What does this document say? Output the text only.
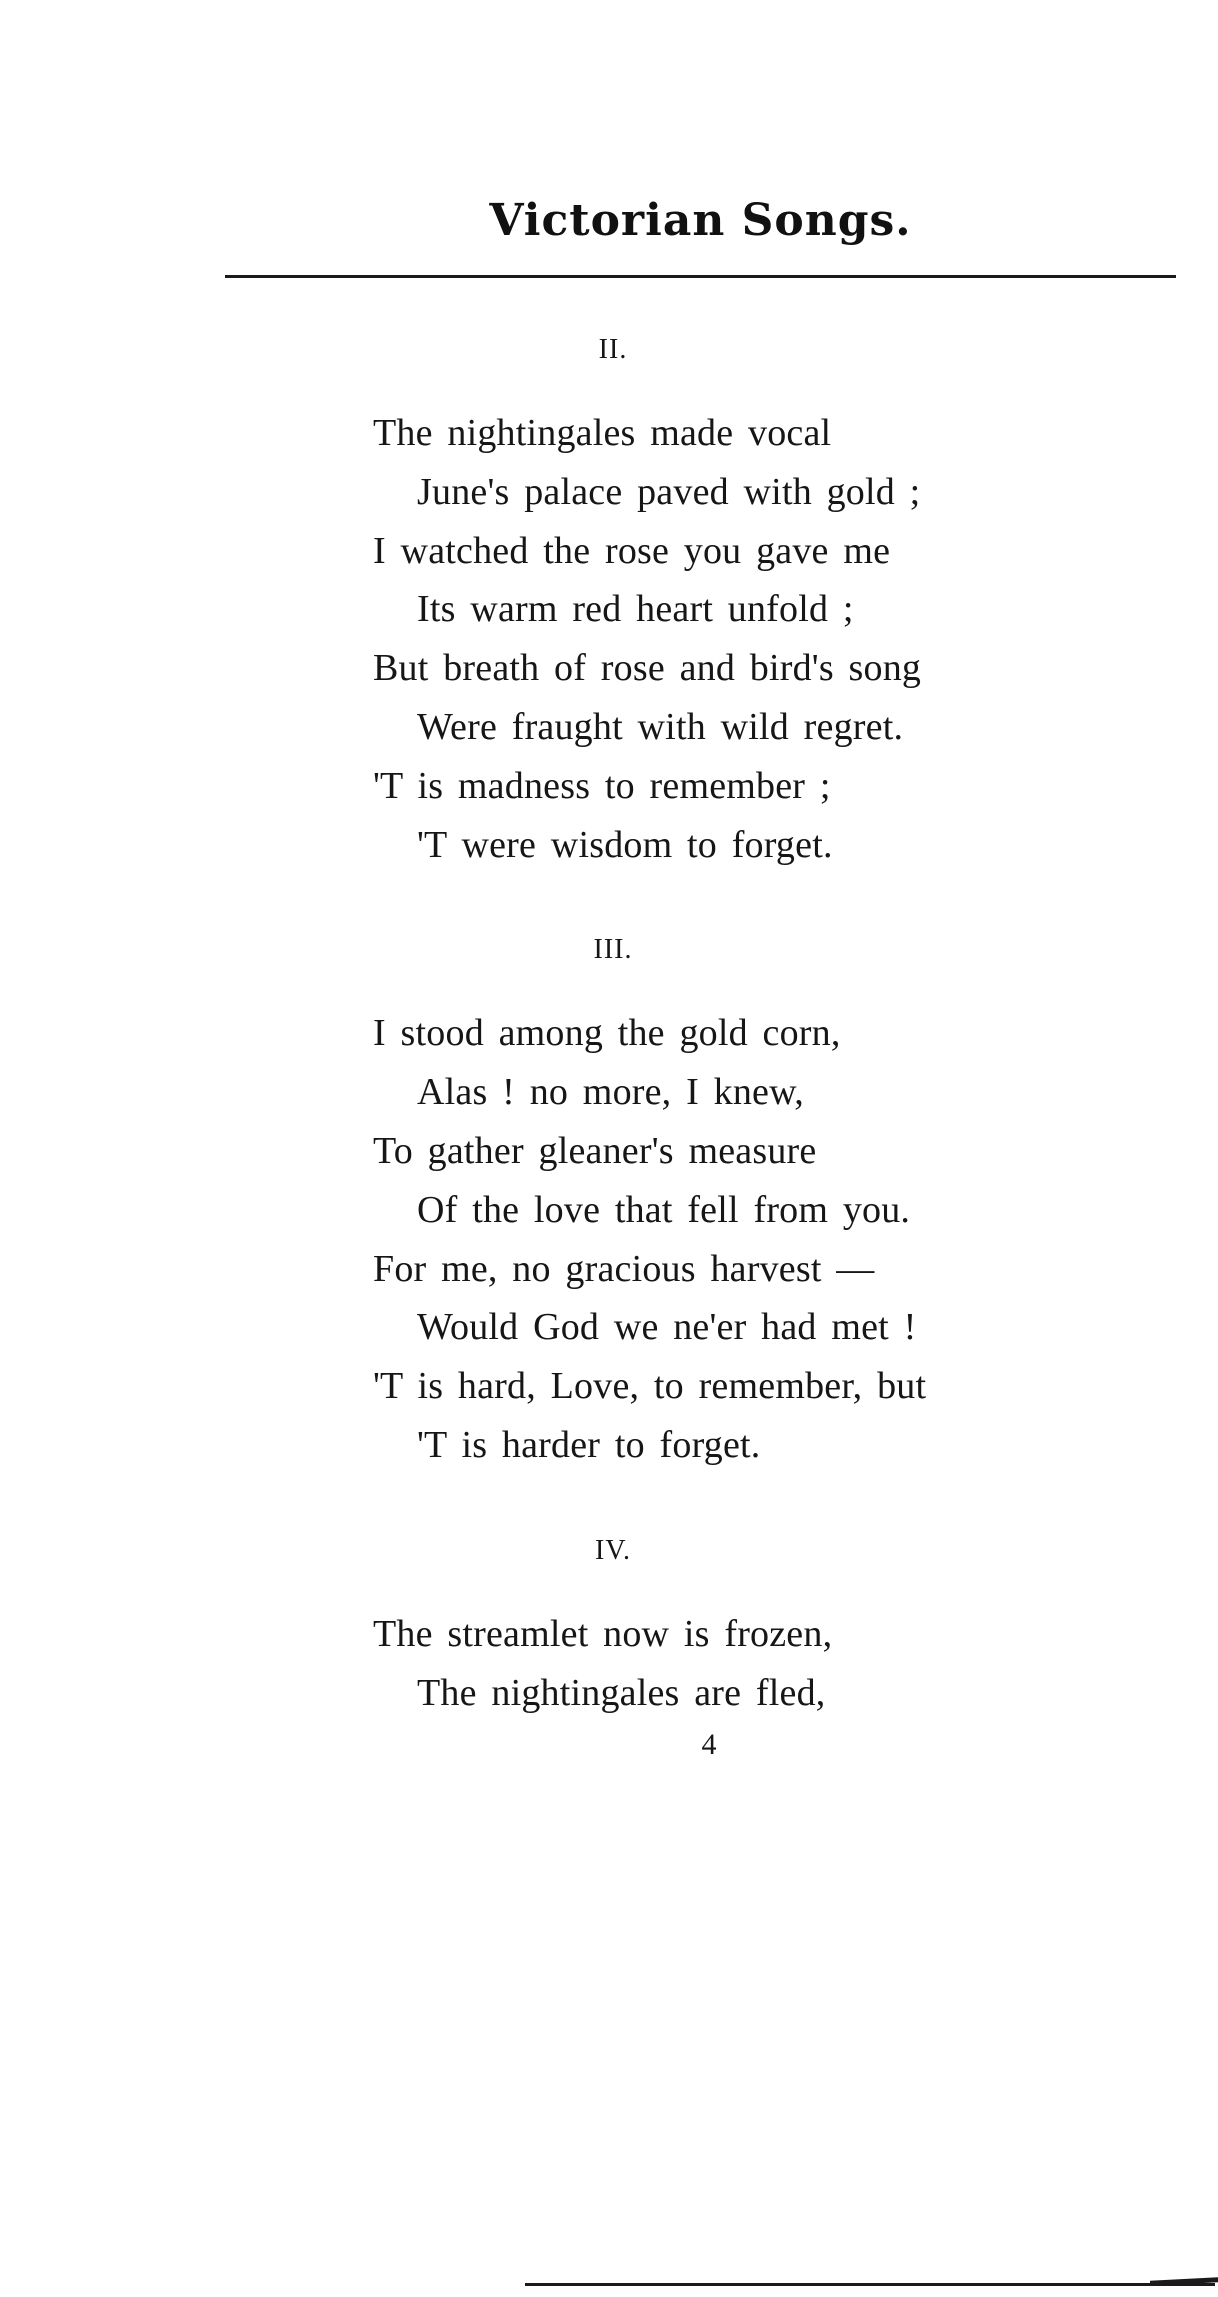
Victorian Songs.
II.
The nightingales made vocal
June's palace paved with gold ;
I watched the rose you gave me
Its warm red heart unfold ;
But breath of rose and bird's song
Were fraught with wild regret.
'T is madness to remember ;
'T were wisdom to forget.
III.
I stood among the gold corn,
Alas ! no more, I knew,
To gather gleaner's measure
Of the love that fell from you.
For me, no gracious harvest —
Would God we ne'er had met !
'T is hard, Love, to remember, but
'T is harder to forget.
IV.
The streamlet now is frozen,
The nightingales are fled,
4
